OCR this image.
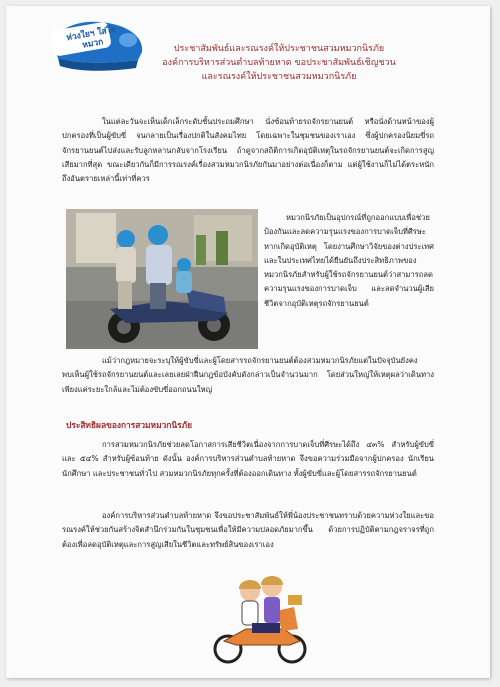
ห่วงใยฯ ใส่ใจหมวก	ประชาสัมพันธ์และรณรงค์ให้ประชาชนสวมหมวกนิรภัย
องค์การบริหารส่วนตำบลท้ายหาด ขอประชาสัมพันธ์เชิญชวน
และรณรงค์ให้ประชาชนสวมหมวกนิรภัย
ในแต่ละวันจะเห็นเด็กเล็กระดับชั้นประถมศึกษา นั่งซ้อนท้ายรถจักรยานยนต์ หรือนั่งด้านหน้าของผู้ปกครองที่เป็นผู้ขับขี่ จนกลายเป็นเรื่องปกติในสังคมไทย โดยเฉพาะในชุมชนของเราเอง ซึ่งผู้ปกครองนิยมขี่รถจักรยานยนต์ไปส่งและรับลูกหลานกลับจากโรงเรียน ถ้าดูจากสถิติการเกิดอุบัติเหตุในรถจักรยานยนต์จะเกิดการสูญเสียมากที่สุด ขณะเดียวกันก็มีการรณรงค์เรื่องสวมหมวกนิรภัยกันมาอย่างต่อเนื่องก็ตาม แต่ผู้ใช้งานก็ไม่ได้ตระหนักถึงอันตรายเหล่านี้เท่าที่ควร
หมวกนิรภัยเป็นอุปกรณ์ที่ถูกออกแบบเพื่อช่วยป้องกันและลดความรุนแรงของการบาดเจ็บที่ศีรษะหากเกิดอุบัติเหตุ โดยงานศึกษาวิจัยของต่างประเทศและในประเทศไทยได้ยืนยันถึงประสิทธิภาพของหมวกนิรภัยสำหรับผู้ใช้รถจักรยานยนต์ว่าสามารถลดความรุนแรงของการบาดเจ็บ และลดจำนวนผู้เสียชีวิตจากอุบัติเหตุรถจักรยานยนต์
แม้ว่ากฎหมายจะระบุให้ผู้ขับขี่และผู้โดยสารรถจักรยานยนต์ต้องสวมหมวกนิรภัยแต่ในปัจจุบันยังคงพบเห็นผู้ใช้รถจักรยานยนต์และเลยเลยฝ่าฝืนกฎข้อบังคับดังกล่าวเป็นจำนวนมาก โดยส่วนใหญ่ให้เหตุผลว่าเดินทางเพียงแค่ระยะใกล้และไม่ต้องขับขี่ออกถนนใหญ่
ประสิทธิผลของการสวมหมวกนิรภัย
การสวมหมวกนิรภัยช่วยลดโอกาสการเสียชีวิตเนื่องจากการบาดเจ็บที่ศีรษะได้ถึง ๔๓% สำหรับผู้ขับขี่ และ ๕๔% สำหรับผู้ซ้อนท้าย ดังนั้น องค์การบริหารส่วนตำบลท้ายหาด จึงขอความร่วมมือจากผู้ปกครอง นักเรียน นักศึกษา และประชาชนทั่วไป สวมหมวกนิรภัยทุกครั้งที่ต้องออกเดินทาง ทั้งผู้ขับขี่และผู้โดยสารรถจักรยานยนต์
องค์การบริหารส่วนตำบลท้ายหาด จึงขอประชาสัมพันธ์ให้พี่น้องประชาชนทราบด้วยความห่วงใยและขอรณรงค์ให้ช่วยกันสร้างจิตสำนึกร่วมกันในชุมชนเพื่อให้มีความปลอดภัยมากขึ้น ด้วยการปฏิบัติตามกฎจราจรที่ถูกต้องเพื่อลดอุบัติเหตุและการสูญเสียในชีวิตและทรัพย์สินของเราเอง
